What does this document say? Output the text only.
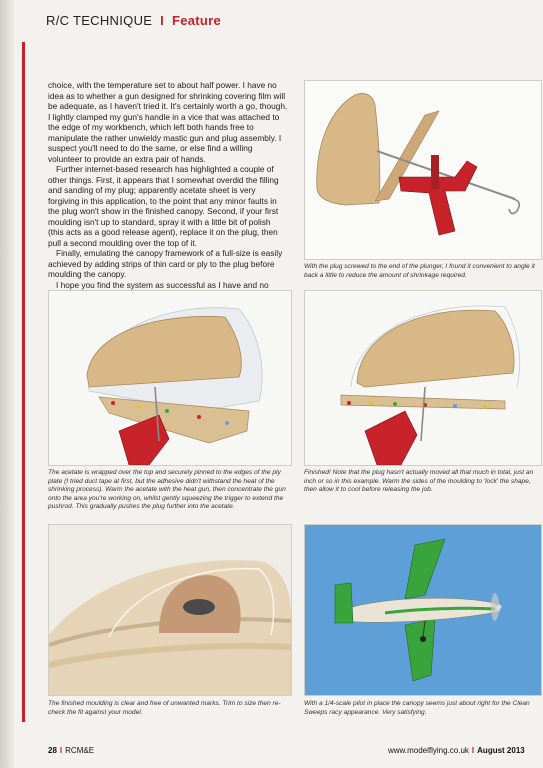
R/C TECHNIQUE I Feature

choice, with the temperature set to about half power. I have no idea as to whether a gun designed for shrinking covering film will be adequate, as I haven't tried it. It's certainly worth a go, though. I lightly clamped my gun's handle in a vice that was attached to the edge of my workbench, which left both hands free to manipulate the rather unwieldy mastic gun and plug assembly. I suspect you'll need to do the same, or else find a willing volunteer to provide an extra pair of hands.

Further internet-based research has highlighted a couple of other things. First, it appears that I somewhat overdid the filling and sanding of my plug; apparently acetate sheet is very forgiving in this application, to the point that any minor faults in the plug won't show in the finished canopy. Second, if your first moulding isn't up to standard, spray it with a little bit of polish (this acts as a good release agent), replace it on the plug, then pull a second moulding over the top of it.

Finally, emulating the canopy framework of a full-size is easily achieved by adding strips of thin card or ply to the plug before moulding the canopy.

I hope you find the system as successful as I have and no

With the plug screwed to the end of the plunger, I found it convenient to angle it back a little to reduce the amount of shrinkage required.
The acetate is wrapped over the top and securely pinned to the edges of the ply plate (I tried duct tape at first, but the adhesive didn't withstand the heat of the shrinking process). Warm the acetate with the heat gun, then concentrate the gun onto the area you're working on, whilst gently squeezing the trigger to extend the pushrod. This gradually pushes the plug further into the acetate.
Finished! Note that the plug hasn't actually moved all that much in total, just an inch or so in this example. Warm the sides of the moulding to 'lock' the shape, then allow it to cool before releasing the job.
The finished moulding is clear and free of unwanted marks. Trim to size then re-check the fit against your model.
With a 1/4-scale pilot in place the canopy seems just about right for the Clean Sweeps racy appearance. Very satisfying.
28 I RCM&E	www.modelflying.co.uk I August 2013
